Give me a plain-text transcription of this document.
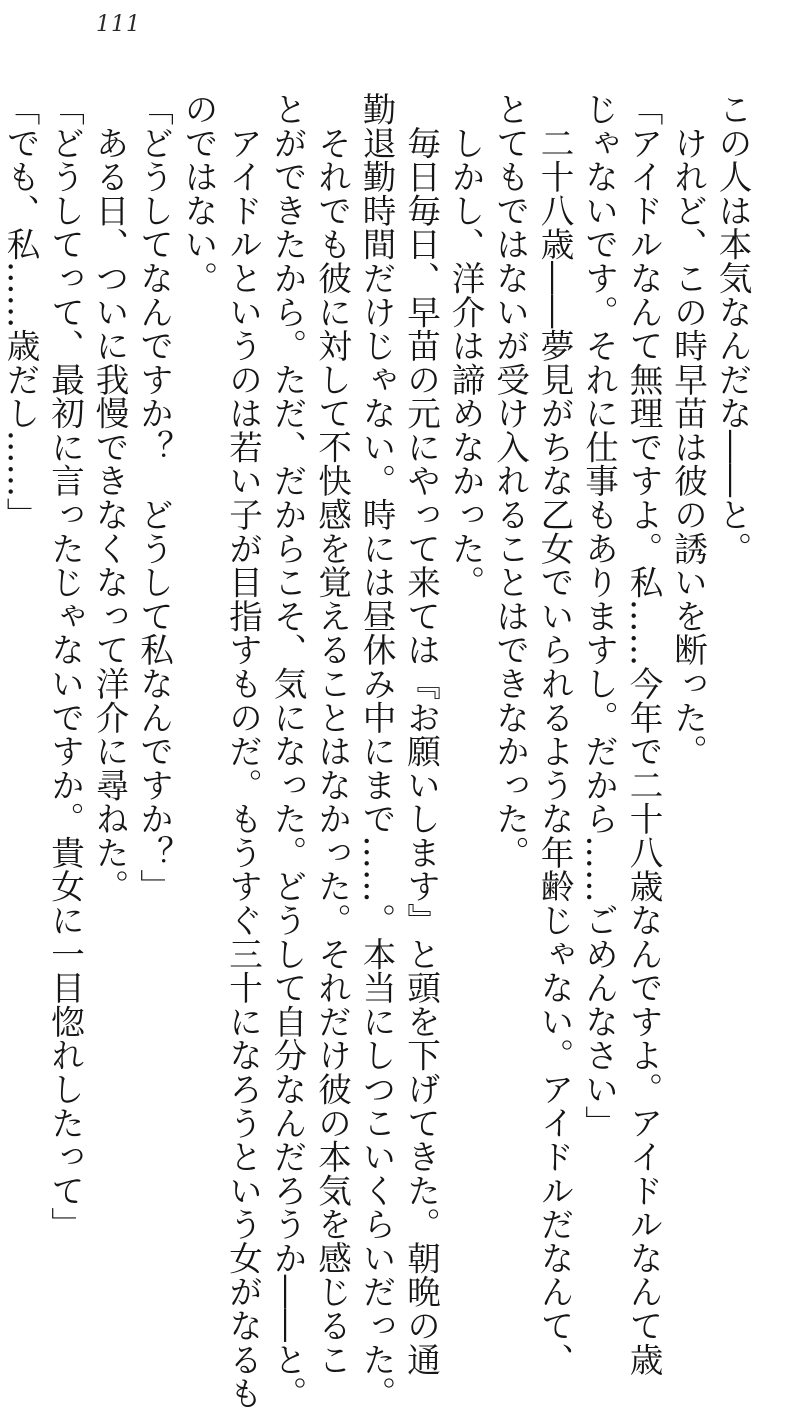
111
この人は本気なんだな――と。
　けれど、この時早苗は彼の誘いを断った。
「アイドルなんて無理ですよ。私……今年で二十八歳なんですよ。アイドルなんて歳
じゃないです。それに仕事もありますし。だから……ごめんなさい」
　二十八歳――夢見がちな乙女でいられるような年齢じゃない。アイドルだなんて、
とてもではないが受け入れることはできなかった。
　しかし、洋介は諦めなかった。
　毎日毎日、早苗の元にやって来ては『お願いします』と頭を下げてきた。朝晩の通
勤退勤時間だけじゃない。時には昼休み中にまで……。本当にしつこいくらいだった。
　それでも彼に対して不快感を覚えることはなかった。それだけ彼の本気を感じるこ
とができたから。ただ、だからこそ、気になった。どうして自分なんだろうか――と。
　アイドルというのは若い子が目指すものだ。もうすぐ三十になろうという女がなるも
のではない。
「どうしてなんですか？　どうして私なんですか？」
　ある日、ついに我慢できなくなって洋介に尋ねた。
「どうしてって、最初に言ったじゃないですか。貴女に一目惚れしたって」
「でも、私……歳だし……」
